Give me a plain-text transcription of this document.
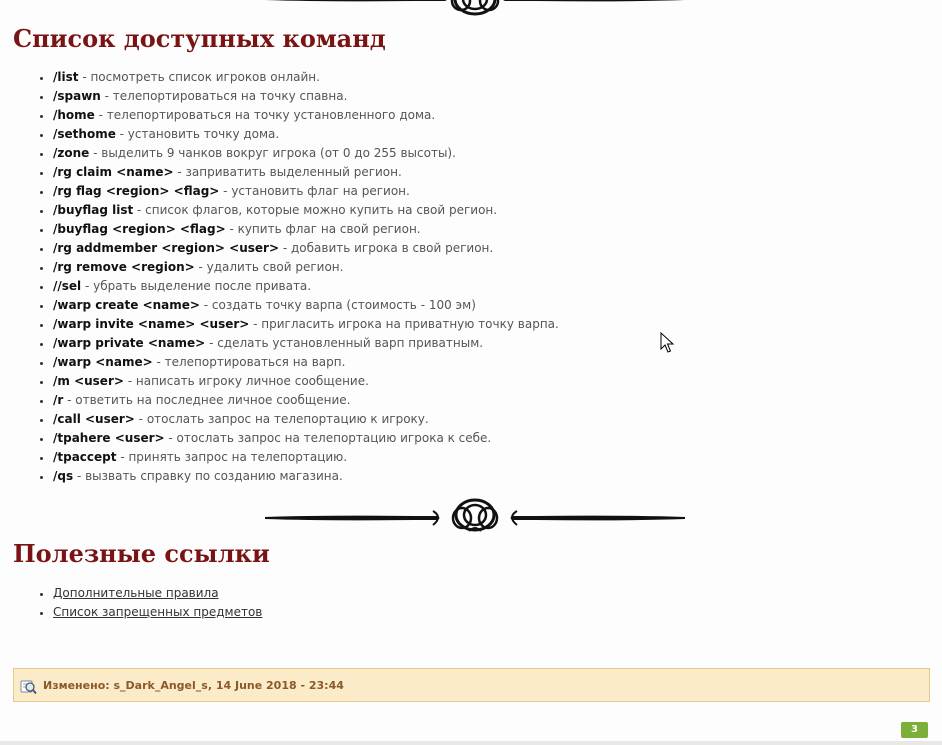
Список доступных команд
• /list - посмотреть список игроков онлайн.
• /spawn - телепортироваться на точку спавна.
• /home - телепортироваться на точку установленного дома.
• /sethome - установить точку дома.
• /zone - выделить 9 чанков вокруг игрока (от 0 до 255 высоты).
• /rg claim <name> - заприватить выделенный регион.
• /rg flag <region> <flag> - установить флаг на регион.
• /buyflag list - список флагов, которые можно купить на свой регион.
• /buyflag <region> <flag> - купить флаг на свой регион.
• /rg addmember <region> <user> - добавить игрока в свой регион.
• /rg remove <region> - удалить свой регион.
• //sel - убрать выделение после привата.
• /warp create <name> - создать точку варпа (стоимость - 100 эм)
• /warp invite <name> <user> - пригласить игрока на приватную точку варпа.
• /warp private <name> - сделать установленный варп приватным.
• /warp <name> - телепортироваться на варп.
• /m <user> - написать игроку личное сообщение.
• /r - ответить на последнее личное сообщение.
• /call <user> - отослать запрос на телепортацию к игроку.
• /tpahere <user> - отослать запрос на телепортацию игрока к себе.
• /tpaccept - принять запрос на телепортацию.
• /qs - вызвать справку по созданию магазина.
Полезные ссылки
• Дополнительные правила
• Список запрещенных предметов
Изменено: s_Dark_Angel_s, 14 June 2018 - 23:44
3
